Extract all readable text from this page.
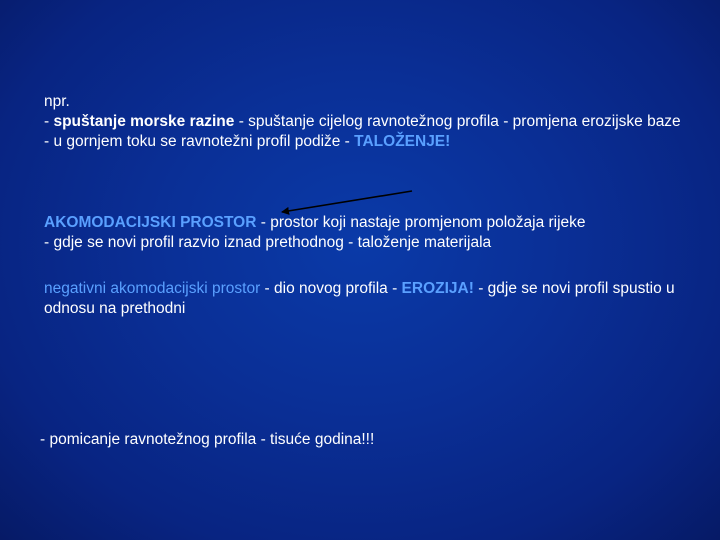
npr.
- spuštanje morske razine - spuštanje cijelog ravnotežnog profila - promjena erozijske baze
- u gornjem toku se ravnotežni profil podiže - TALOŽENJE!
AKOMODACIJSKI PROSTOR - prostor koji nastaje promjenom položaja rijeke
- gdje se novi profil razvio iznad prethodnog - taloženje materijala
negativni akomodacijski prostor - dio novog profila - EROZIJA! - gdje se novi profil spustio u odnosu na prethodni
- pomicanje ravnotežnog profila - tisuće godina!!!
